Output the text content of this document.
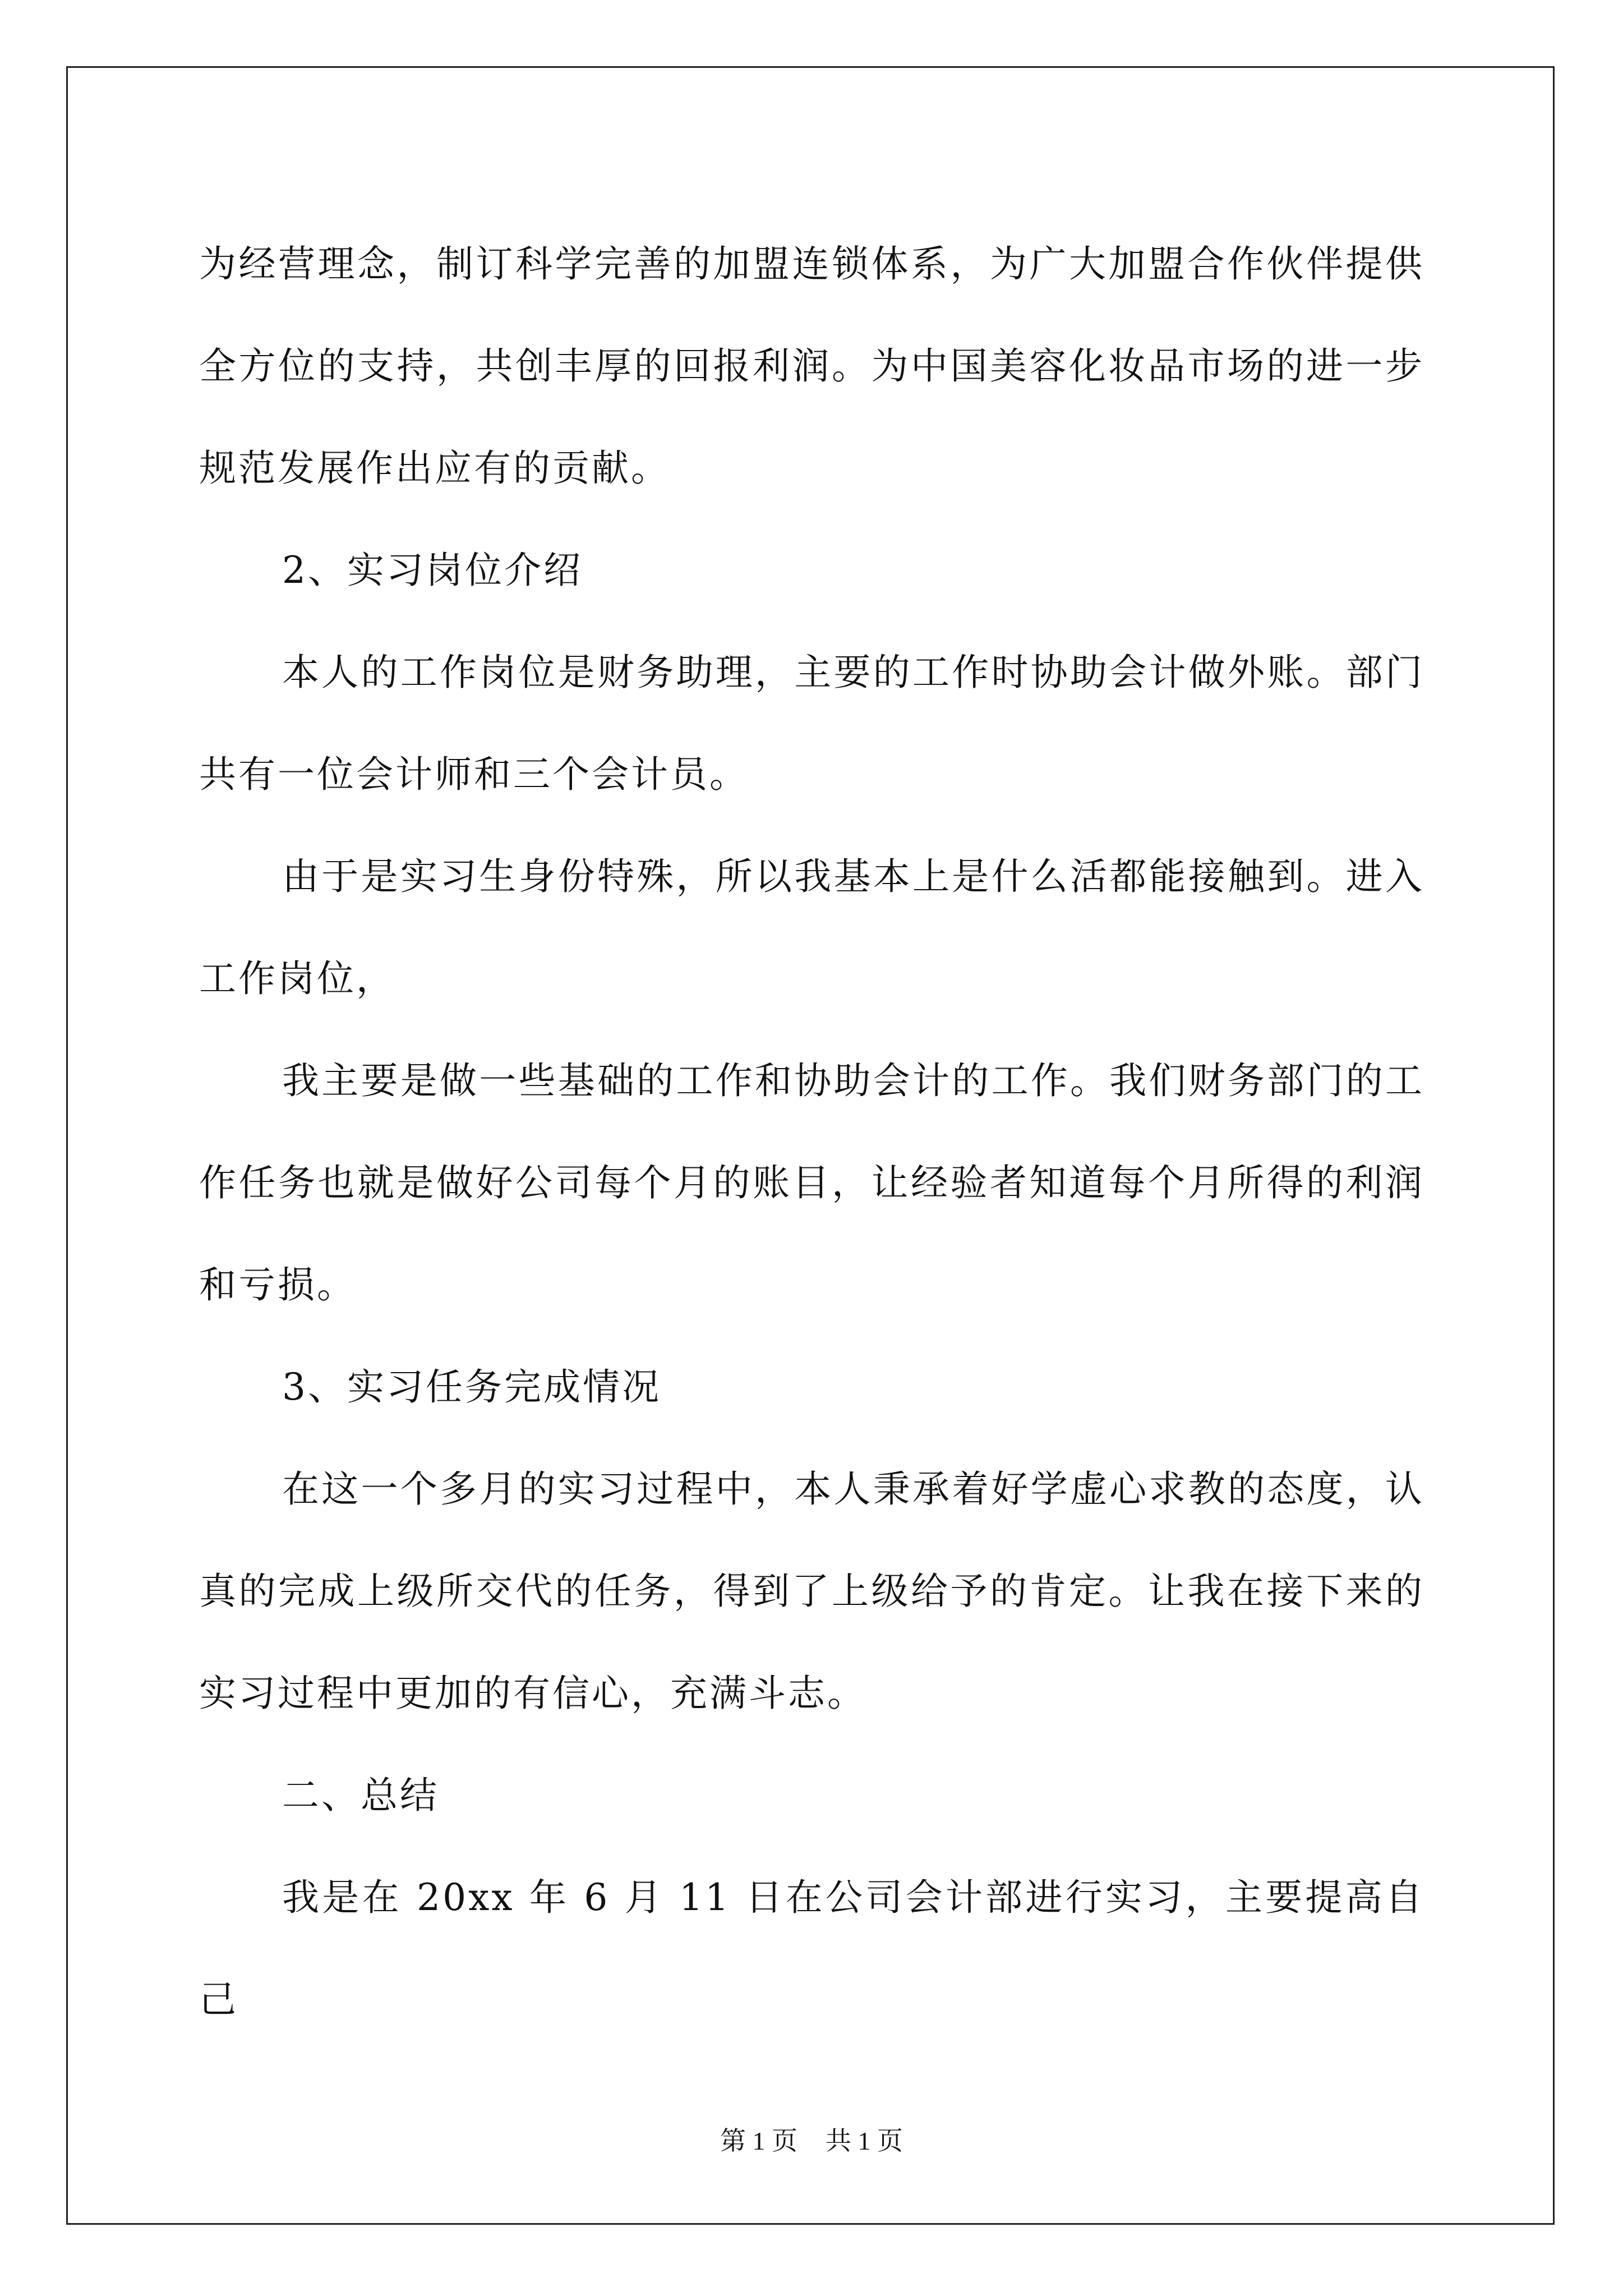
为经营理念，制订科学完善的加盟连锁体系，为广大加盟合作伙伴提供全方位的支持，共创丰厚的回报利润。为中国美容化妆品市场的进一步规范发展作出应有的贡献。

2、实习岗位介绍

本人的工作岗位是财务助理，主要的工作时协助会计做外账。部门共有一位会计师和三个会计员。

由于是实习生身份特殊，所以我基本上是什么活都能接触到。进入工作岗位，

我主要是做一些基础的工作和协助会计的工作。我们财务部门的工作任务也就是做好公司每个月的账目，让经验者知道每个月所得的利润和亏损。

3、实习任务完成情况

在这一个多月的实习过程中，本人秉承着好学虚心求教的态度，认真的完成上级所交代的任务，得到了上级给予的肯定。让我在接下来的实习过程中更加的有信心，充满斗志。

二、总结

我是在 20xx 年 6 月 11 日在公司会计部进行实习，主要提高自己

第 1 页 共 1 页
